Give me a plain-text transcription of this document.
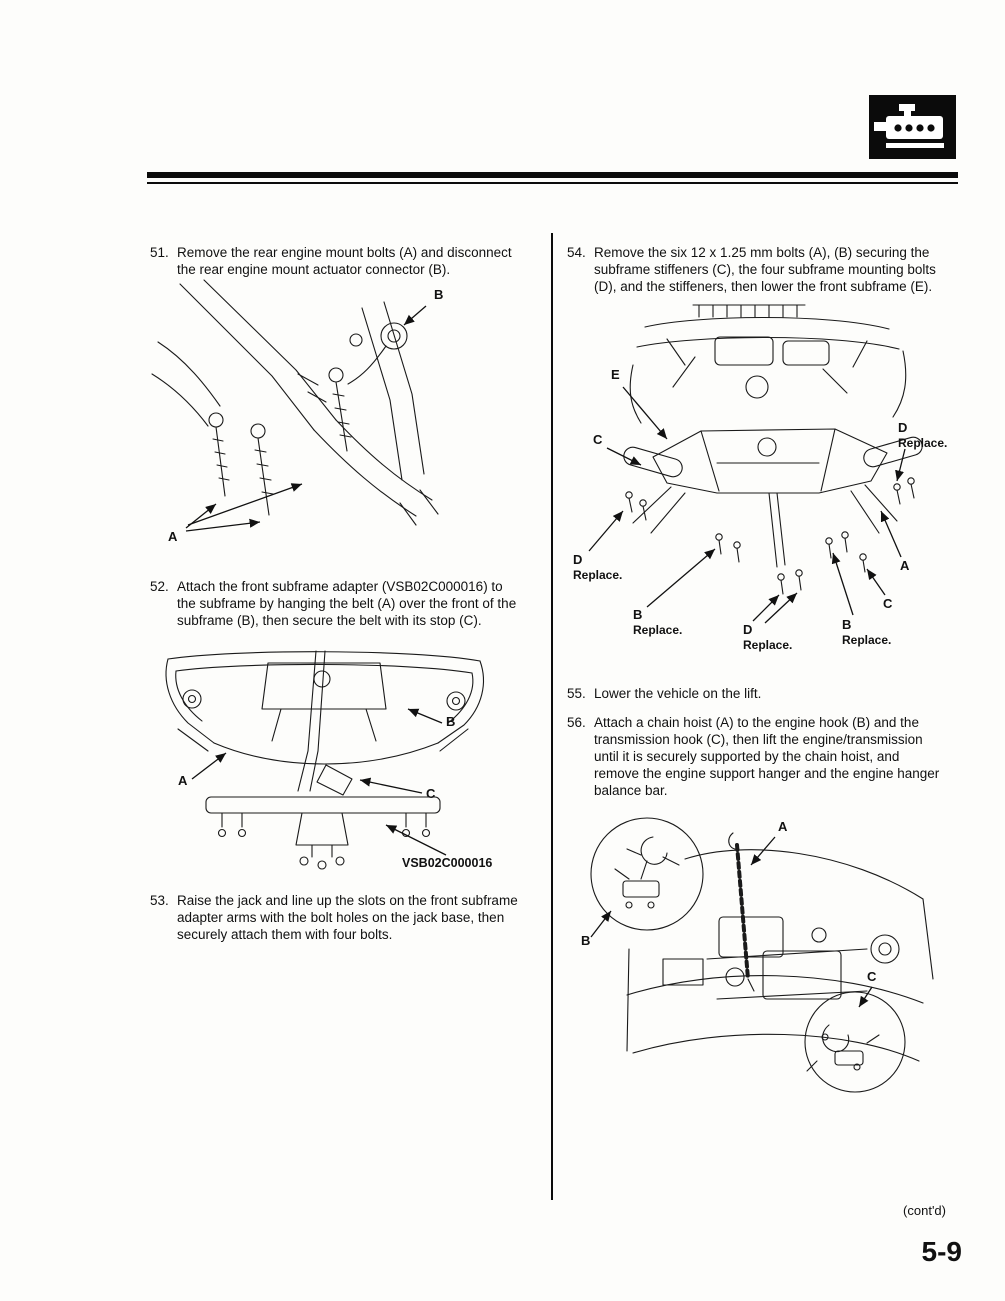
51. Remove the rear engine mount bolts (A) and disconnect the rear engine mount actuator connector (B).
B
A
52. Attach the front subframe adapter (VSB02C000016) to the subframe by hanging the belt (A) over the front of the subframe (B), then secure the belt with its stop (C).
B
A
C
VSB02C000016
53. Raise the jack and line up the slots on the front subframe adapter arms with the bolt holes on the jack base, then securely attach them with four bolts.
54. Remove the six 12 x 1.25 mm bolts (A), (B) securing the subframe stiffeners (C), the four subframe mounting bolts (D), and the stiffeners, then lower the front subframe (E).
E
C
D
Replace.
A
D
Replace.
B
Replace.	D
Replace.
B
Replace.
C
55. Lower the vehicle on the lift.
56. Attach a chain hoist (A) to the engine hook (B) and the transmission hook (C), then lift the engine/transmission until it is securely supported by the chain hoist, and remove the engine support hanger and the engine hanger balance bar.
A
B
C
(cont'd)
5-9
